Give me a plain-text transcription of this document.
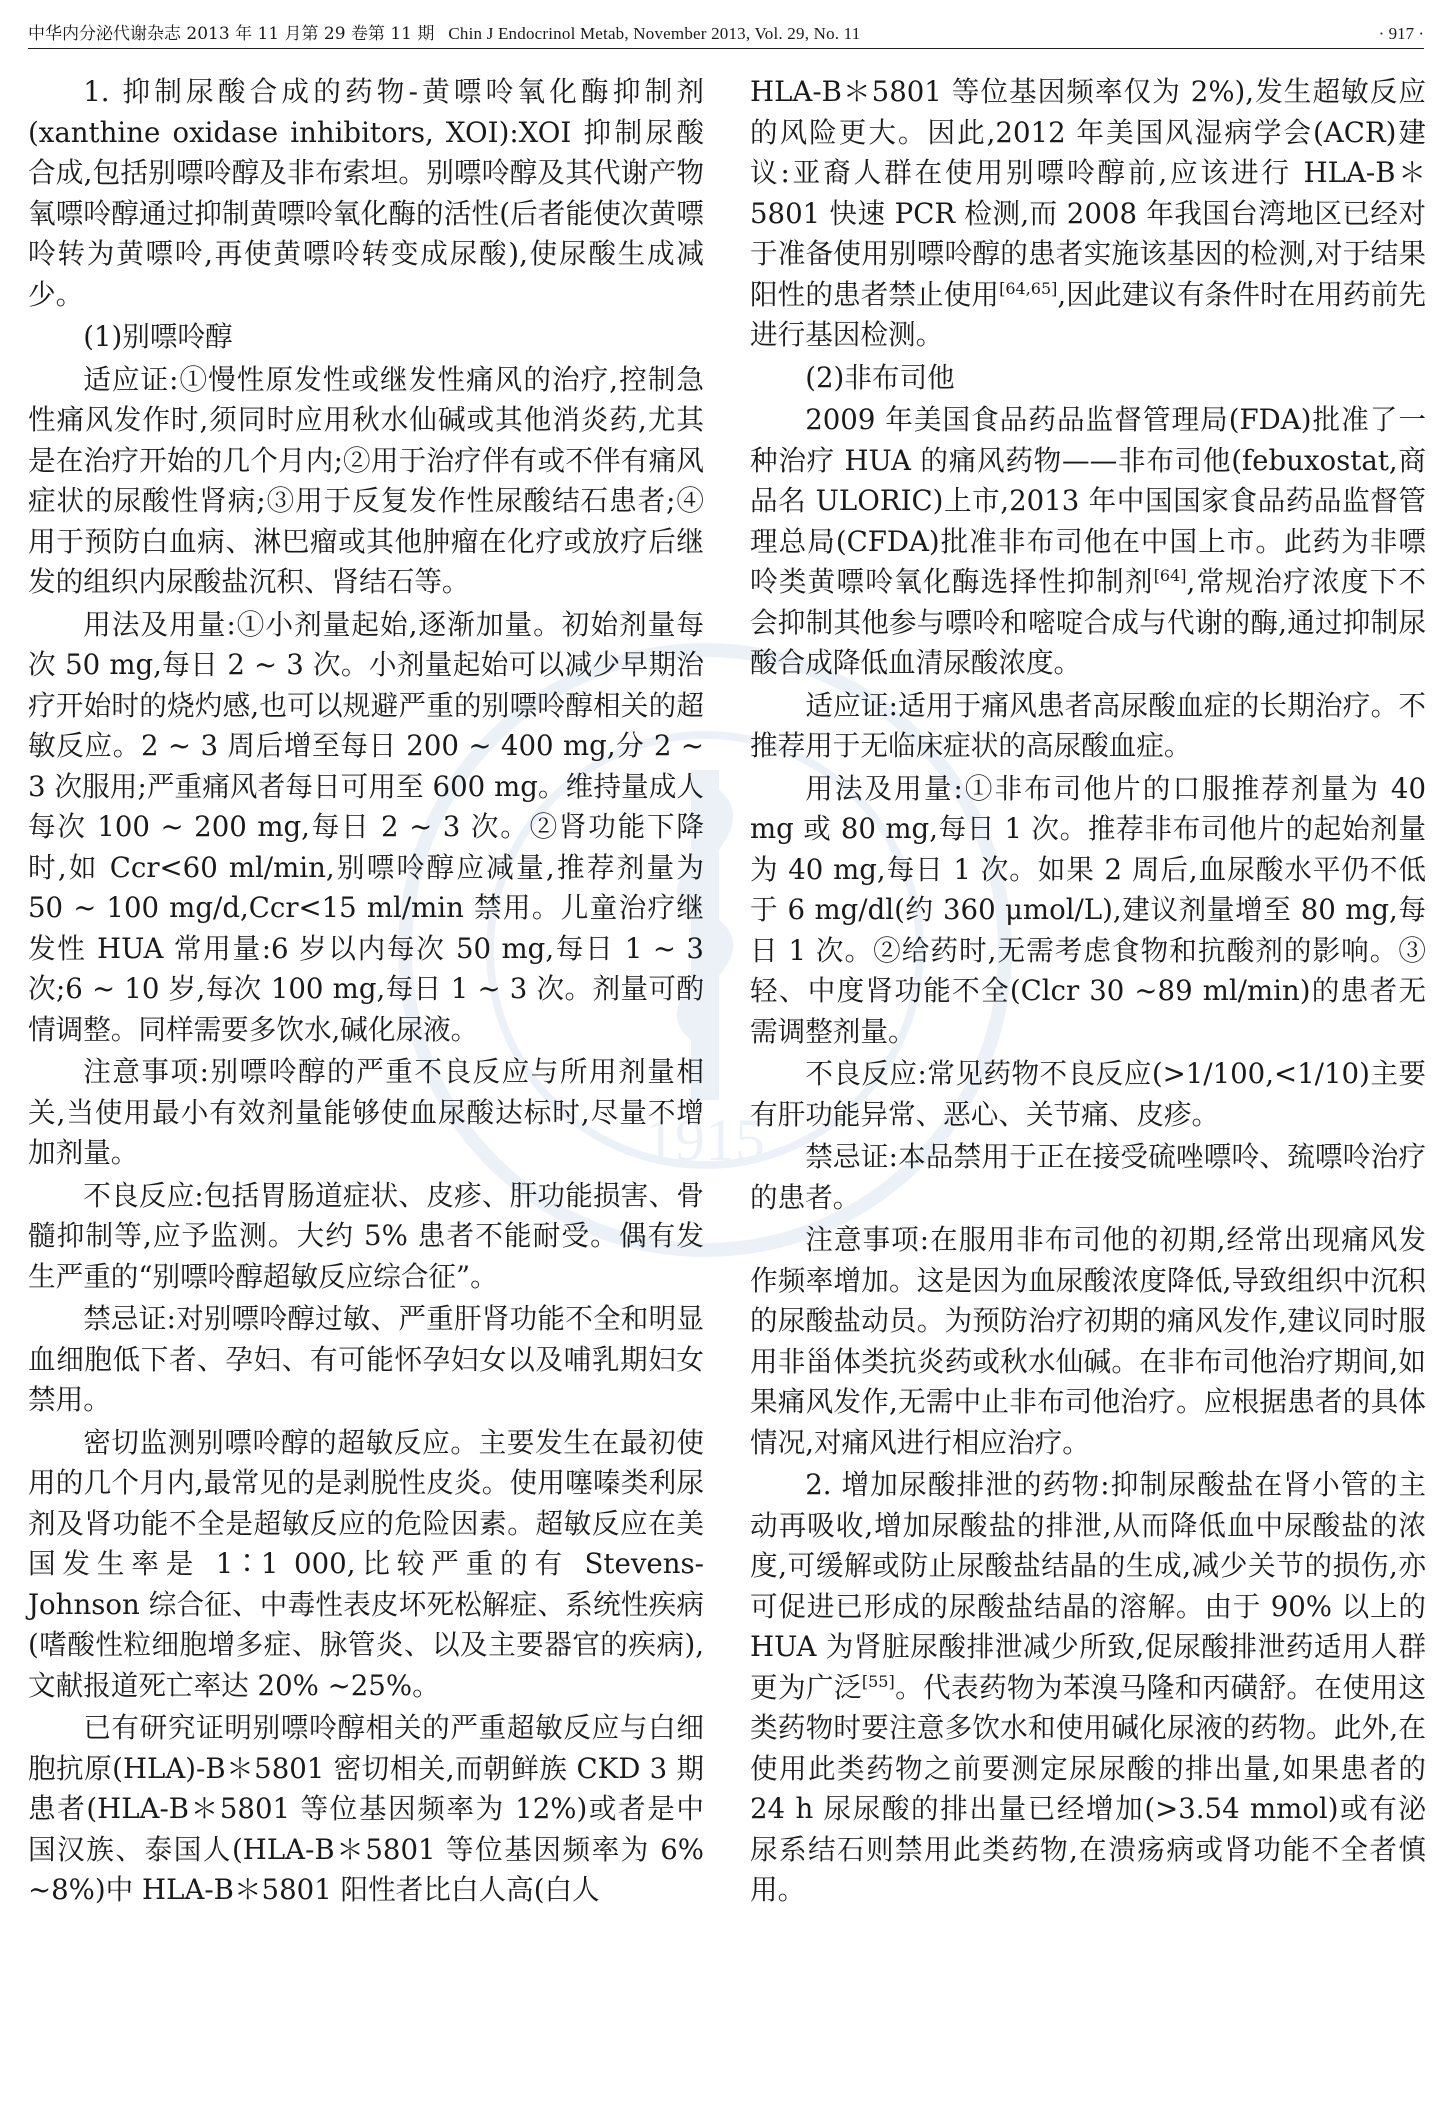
1915
中华内分泌代谢杂志 2013 年 11 月第 29 卷第 11 期 Chin J Endocrinol Metab, November 2013, Vol. 29, No. 11	· 917 ·

1. 抑制尿酸合成的药物-黄嘌呤氧化酶抑制剂(xanthine oxidase inhibitors, XOI):XOI 抑制尿酸合成,包括别嘌呤醇及非布索坦。别嘌呤醇及其代谢产物氧嘌呤醇通过抑制黄嘌呤氧化酶的活性(后者能使次黄嘌呤转为黄嘌呤,再使黄嘌呤转变成尿酸),使尿酸生成减少。

(1)别嘌呤醇

适应证:①慢性原发性或继发性痛风的治疗,控制急性痛风发作时,须同时应用秋水仙碱或其他消炎药,尤其是在治疗开始的几个月内;②用于治疗伴有或不伴有痛风症状的尿酸性肾病;③用于反复发作性尿酸结石患者;④用于预防白血病、淋巴瘤或其他肿瘤在化疗或放疗后继发的组织内尿酸盐沉积、肾结石等。

用法及用量:①小剂量起始,逐渐加量。初始剂量每次 50 mg,每日 2 ~ 3 次。小剂量起始可以减少早期治疗开始时的烧灼感,也可以规避严重的别嘌呤醇相关的超敏反应。2 ~ 3 周后增至每日 200 ~ 400 mg,分 2 ~ 3 次服用;严重痛风者每日可用至 600 mg。维持量成人每次 100 ~ 200 mg,每日 2 ~ 3 次。②肾功能下降时,如 Ccr<60 ml/min,别嘌呤醇应减量,推荐剂量为 50 ~ 100 mg/d,Ccr<15 ml/min 禁用。儿童治疗继发性 HUA 常用量:6 岁以内每次 50 mg,每日 1 ~ 3 次;6 ~ 10 岁,每次 100 mg,每日 1 ~ 3 次。剂量可酌情调整。同样需要多饮水,碱化尿液。

注意事项:别嘌呤醇的严重不良反应与所用剂量相关,当使用最小有效剂量能够使血尿酸达标时,尽量不增加剂量。

不良反应:包括胃肠道症状、皮疹、肝功能损害、骨髓抑制等,应予监测。大约 5% 患者不能耐受。偶有发生严重的“别嘌呤醇超敏反应综合征”。

禁忌证:对别嘌呤醇过敏、严重肝肾功能不全和明显血细胞低下者、孕妇、有可能怀孕妇女以及哺乳期妇女禁用。

密切监测别嘌呤醇的超敏反应。主要发生在最初使用的几个月内,最常见的是剥脱性皮炎。使用噻嗪类利尿剂及肾功能不全是超敏反应的危险因素。超敏反应在美国发生率是 1∶1 000,比较严重的有 Stevens-Johnson 综合征、中毒性表皮坏死松解症、系统性疾病(嗜酸性粒细胞增多症、脉管炎、以及主要器官的疾病),文献报道死亡率达 20% ~25%。

已有研究证明别嘌呤醇相关的严重超敏反应与白细胞抗原(HLA)-B＊5801 密切相关,而朝鲜族 CKD 3 期患者(HLA-B＊5801 等位基因频率为 12%)或者是中国汉族、泰国人(HLA-B＊5801 等位基因频率为 6% ~8%)中 HLA-B＊5801 阳性者比白人高(白人

HLA-B＊5801 等位基因频率仅为 2%),发生超敏反应的风险更大。因此,2012 年美国风湿病学会(ACR)建议:亚裔人群在使用别嘌呤醇前,应该进行 HLA-B＊5801 快速 PCR 检测,而 2008 年我国台湾地区已经对于准备使用别嘌呤醇的患者实施该基因的检测,对于结果阳性的患者禁止使用[64,65],因此建议有条件时在用药前先进行基因检测。

(2)非布司他

2009 年美国食品药品监督管理局(FDA)批准了一种治疗 HUA 的痛风药物——非布司他(febuxostat,商品名 ULORIC)上市,2013 年中国国家食品药品监督管理总局(CFDA)批准非布司他在中国上市。此药为非嘌呤类黄嘌呤氧化酶选择性抑制剂[64],常规治疗浓度下不会抑制其他参与嘌呤和嘧啶合成与代谢的酶,通过抑制尿酸合成降低血清尿酸浓度。

适应证:适用于痛风患者高尿酸血症的长期治疗。不推荐用于无临床症状的高尿酸血症。

用法及用量:①非布司他片的口服推荐剂量为 40 mg 或 80 mg,每日 1 次。推荐非布司他片的起始剂量为 40 mg,每日 1 次。如果 2 周后,血尿酸水平仍不低于 6 mg/dl(约 360 μmol/L),建议剂量增至 80 mg,每日 1 次。②给药时,无需考虑食物和抗酸剂的影响。③轻、中度肾功能不全(Clcr 30 ~89 ml/min)的患者无需调整剂量。

不良反应:常见药物不良反应(>1/100,<1/10)主要有肝功能异常、恶心、关节痛、皮疹。

禁忌证:本品禁用于正在接受硫唑嘌呤、巯嘌呤治疗的患者。

注意事项:在服用非布司他的初期,经常出现痛风发作频率增加。这是因为血尿酸浓度降低,导致组织中沉积的尿酸盐动员。为预防治疗初期的痛风发作,建议同时服用非甾体类抗炎药或秋水仙碱。在非布司他治疗期间,如果痛风发作,无需中止非布司他治疗。应根据患者的具体情况,对痛风进行相应治疗。

2. 增加尿酸排泄的药物:抑制尿酸盐在肾小管的主动再吸收,增加尿酸盐的排泄,从而降低血中尿酸盐的浓度,可缓解或防止尿酸盐结晶的生成,减少关节的损伤,亦可促进已形成的尿酸盐结晶的溶解。由于 90% 以上的 HUA 为肾脏尿酸排泄减少所致,促尿酸排泄药适用人群更为广泛[55]。代表药物为苯溴马隆和丙磺舒。在使用这类药物时要注意多饮水和使用碱化尿液的药物。此外,在使用此类药物之前要测定尿尿酸的排出量,如果患者的 24 h 尿尿酸的排出量已经增加(>3.54 mmol)或有泌尿系结石则禁用此类药物,在溃疡病或肾功能不全者慎用。
